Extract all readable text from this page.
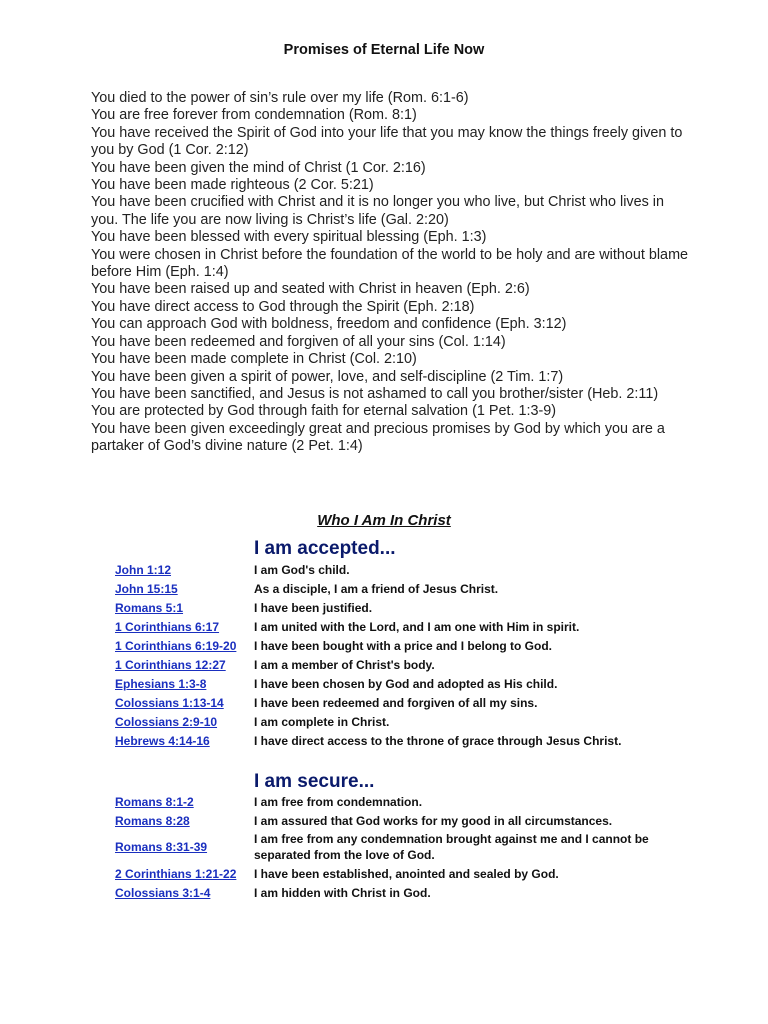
Promises of Eternal Life Now

You died to the power of sin’s rule over my life (Rom. 6:1-6)

You are free forever from condemnation (Rom. 8:1)

You have received the Spirit of God into your life that you may know the things freely given to you by God (1 Cor. 2:12)

You have been given the mind of Christ (1 Cor. 2:16)

You have been made righteous (2 Cor. 5:21)

You have been crucified with Christ and it is no longer you who live, but Christ who lives in you. The life you are now living is Christ’s life (Gal. 2:20)

You have been blessed with every spiritual blessing (Eph. 1:3)

You were chosen in Christ before the foundation of the world to be holy and are without blame before Him (Eph. 1:4)

You have been raised up and seated with Christ in heaven (Eph. 2:6)

You have direct access to God through the Spirit (Eph. 2:18)

You can approach God with boldness, freedom and confidence (Eph. 3:12)

You have been redeemed and forgiven of all your sins (Col. 1:14)

You have been made complete in Christ (Col. 2:10)

You have been given a spirit of power, love, and self-discipline (2 Tim. 1:7)

You have been sanctified, and Jesus is not ashamed to call you brother/sister (Heb. 2:11)

You are protected by God through faith for eternal salvation (1 Pet. 1:3-9)

You have been given exceedingly great and precious promises by God by which you are a partaker of God’s divine nature (2 Pet. 1:4)

Who I Am In Christ
I am accepted...
John 1:12	I am God's child.
John 15:15	As a disciple, I am a friend of Jesus Christ.
Romans 5:1	I have been justified.
1 Corinthians 6:17	I am united with the Lord, and I am one with Him in spirit.
1 Corinthians 6:19-20	I have been bought with a price and I belong to God.
1 Corinthians 12:27	I am a member of Christ's body.
Ephesians 1:3-8	I have been chosen by God and adopted as His child.
Colossians 1:13-14	I have been redeemed and forgiven of all my sins.
Colossians 2:9-10	I am complete in Christ.
Hebrews 4:14-16	I have direct access to the throne of grace through Jesus Christ.
I am secure...
Romans 8:1-2	I am free from condemnation.
Romans 8:28	I am assured that God works for my good in all circumstances.
Romans 8:31-39	I am free from any condemnation brought against me and I cannot be separated from the love of God.
2 Corinthians 1:21-22	I have been established, anointed and sealed by God.
Colossians 3:1-4	I am hidden with Christ in God.
